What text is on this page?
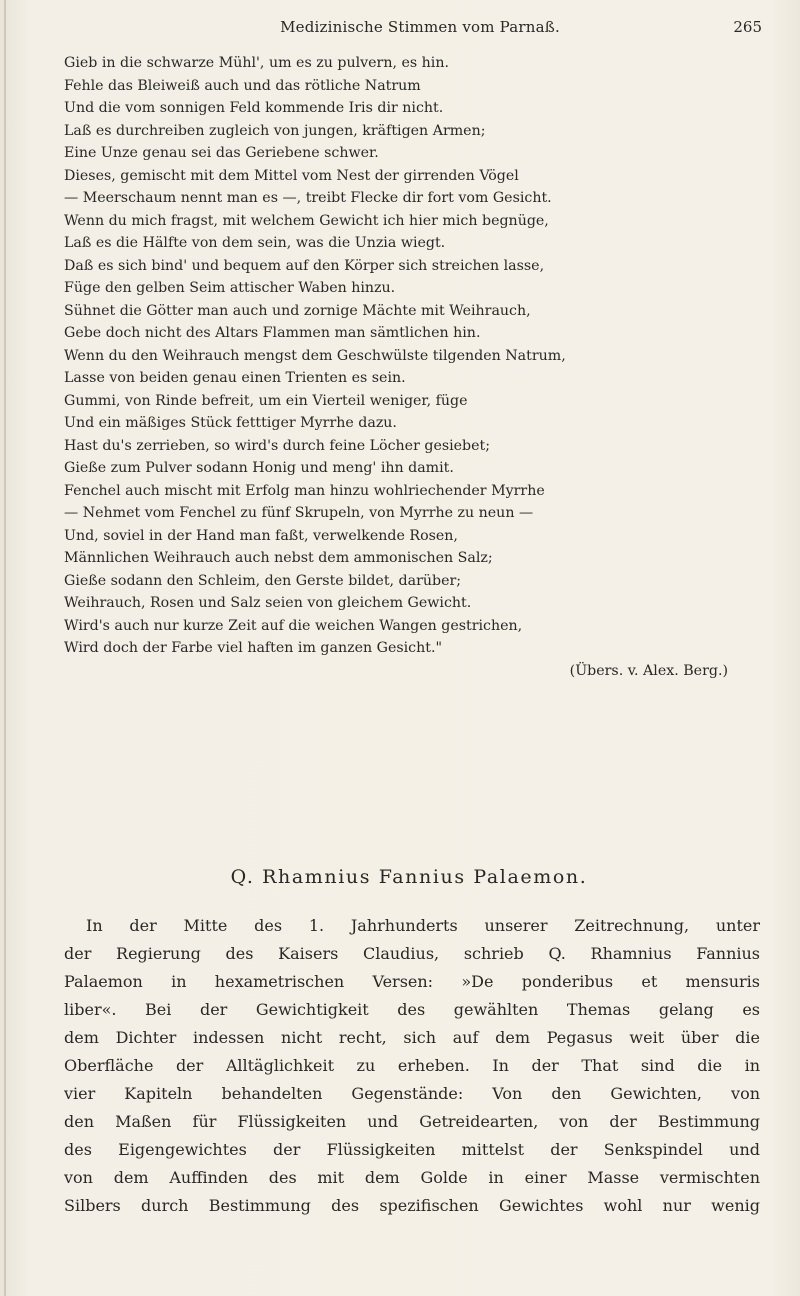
Medizinische Stimmen vom Parnaß.	265
Gieb in die schwarze Mühl', um es zu pulvern, es hin.
Fehle das Bleiweiß auch und das rötliche Natrum
Und die vom sonnigen Feld kommende Iris dir nicht.
Laß es durchreiben zugleich von jungen, kräftigen Armen;
Eine Unze genau sei das Geriebene schwer.
Dieses, gemischt mit dem Mittel vom Nest der girrenden Vögel
— Meerschaum nennt man es —, treibt Flecke dir fort vom Gesicht.
Wenn du mich fragst, mit welchem Gewicht ich hier mich begnüge,
Laß es die Hälfte von dem sein, was die Unzia wiegt.
Daß es sich bind' und bequem auf den Körper sich streichen lasse,
Füge den gelben Seim attischer Waben hinzu.
Sühnet die Götter man auch und zornige Mächte mit Weihrauch,
Gebe doch nicht des Altars Flammen man sämtlichen hin.
Wenn du den Weihrauch mengst dem Geschwülste tilgenden Natrum,
Lasse von beiden genau einen Trienten es sein.
Gummi, von Rinde befreit, um ein Vierteil weniger, füge
Und ein mäßiges Stück fetttiger Myrrhe dazu.
Hast du's zerrieben, so wird's durch feine Löcher gesiebet;
Gieße zum Pulver sodann Honig und meng' ihn damit.
Fenchel auch mischt mit Erfolg man hinzu wohlriechender Myrrhe
— Nehmet vom Fenchel zu fünf Skrupeln, von Myrrhe zu neun —
Und, soviel in der Hand man faßt, verwelkende Rosen,
Männlichen Weihrauch auch nebst dem ammonischen Salz;
Gieße sodann den Schleim, den Gerste bildet, darüber;
Weihrauch, Rosen und Salz seien von gleichem Gewicht.
Wird's auch nur kurze Zeit auf die weichen Wangen gestrichen,
Wird doch der Farbe viel haften im ganzen Gesicht."
(Übers. v. Alex. Berg.)
Q. Rhamnius Fannius Palaemon.
In der Mitte des 1. Jahrhunderts unserer Zeitrechnung, unter
der Regierung des Kaisers Claudius, schrieb Q. Rhamnius Fannius
Palaemon in hexametrischen Versen: »De ponderibus et mensuris
liber«. Bei der Gewichtigkeit des gewählten Themas gelang es
dem Dichter indessen nicht recht, sich auf dem Pegasus weit über die
Oberfläche der Alltäglichkeit zu erheben. In der That sind die in
vier Kapiteln behandelten Gegenstände: Von den Gewichten, von
den Maßen für Flüssigkeiten und Getreidearten, von der Bestimmung
des Eigengewichtes der Flüssigkeiten mittelst der Senkspindel und
von dem Auffinden des mit dem Golde in einer Masse vermischten
Silbers durch Bestimmung des spezifischen Gewichtes wohl nur wenig
